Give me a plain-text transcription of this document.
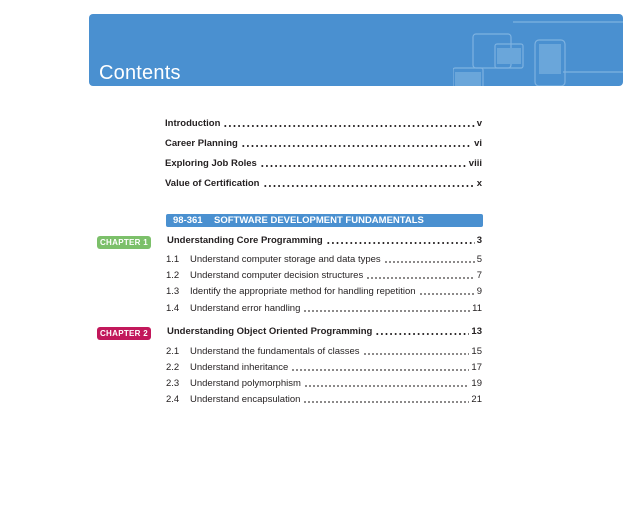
Contents
Introduction	v
Career Planning	vi
Exploring Job Roles	viii
Value of Certification	x
98-361 SOFTWARE DEVELOPMENT FUNDAMENTALS
CHAPTER 1	Understanding Core Programming	3
1.1	Understand computer storage and data types	5
1.2	Understand computer decision structures	7
1.3	Identify the appropriate method for handling repetition	9
1.4	Understand error handling	11
CHAPTER 2	Understanding Object Oriented Programming	13
2.1	Understand the fundamentals of classes	15
2.2	Understand inheritance	17
2.3	Understand polymorphism	19
2.4	Understand encapsulation	21
